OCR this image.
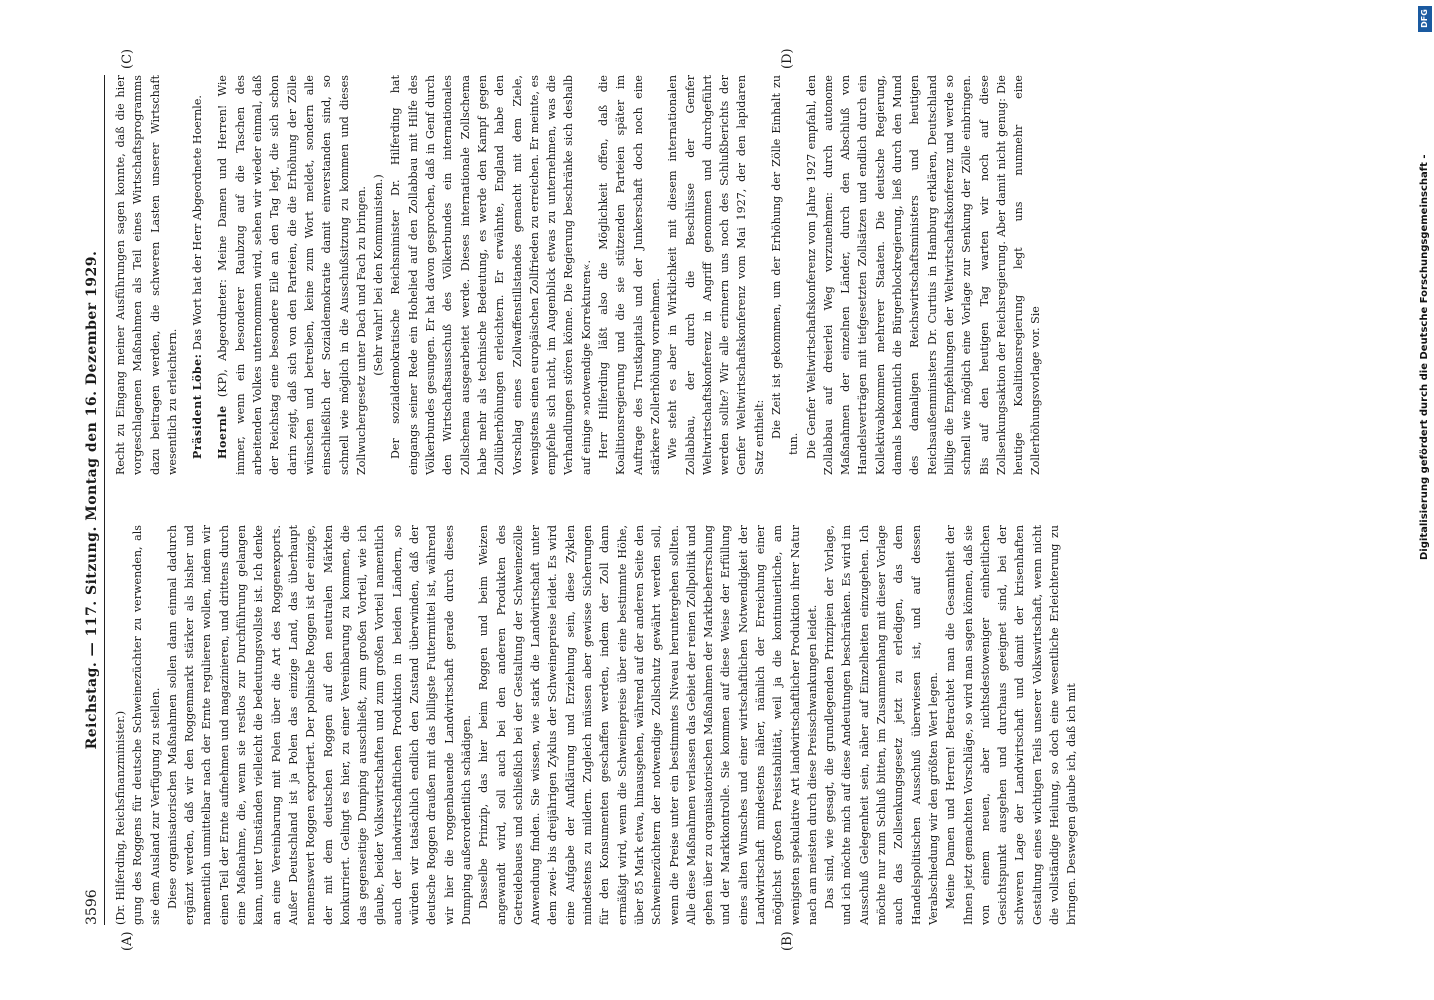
3596
Reichstag. — 117. Sitzung. Montag den 16. Dezember 1929.
(A)	(B)
(C)	(D)

(Dr. Hilferding, Reichsfinanzminister.) gung des Roggens für deutsche Schweinezüchter zu verwenden, als sie dem Ausland zur Verfügung zu stellen. Diese organisatorischen Maßnahmen sollen dann einmal dadurch ergänzt werden, daß wir den Roggenmarkt stärker als bisher und namentlich unmittelbar nach der Ernte regulieren wollen, indem wir einen Teil der Ernte aufnehmen und magazinieren, und drittens durch eine Maßnahme, die, wenn sie restlos zur Durchführung gelangen kann, unter Umständen vielleicht die bedeutungsvollste ist. Ich denke an eine Vereinbarung mit Polen über die Art des Roggenexports. Außer Deutschland ist ja Polen das einzige Land, das überhaupt nennenswert Roggen exportiert. Der polnische Roggen ist der einzige, der mit dem deutschen Roggen auf den neutralen Märkten konkurriert. Gelingt es hier, zu einer Vereinbarung zu kommen, die das gegenseitige Dumping ausschließt, zum großen Vorteil, wie ich glaube, beider Volkswirtschaften und zum großen Vorteil namentlich auch der landwirtschaftlichen Produktion in beiden Ländern, so würden wir tatsächlich endlich den Zustand überwinden, daß der deutsche Roggen draußen mit das billigste Futtermittel ist, während wir hier die roggenbauende Landwirtschaft gerade durch dieses Dumping außerordentlich schädigen. Dasselbe Prinzip, das hier beim Roggen und beim Weizen angewandt wird, soll auch bei den anderen Produkten des Getreidebaues und schließlich bei der Gestaltung der Schweinezölle Anwendung finden. Sie wissen, wie stark die Landwirtschaft unter dem zwei- bis dreijährigen Zyklus der Schweinepreise leidet. Es wird eine Aufgabe der Aufklärung und Erziehung sein, diese Zyklen mindestens zu mildern. Zugleich müssen aber gewisse Sicherungen für den Konsumenten geschaffen werden, indem der Zoll dann ermäßigt wird, wenn die Schweinepreise über eine bestimmte Höhe, über 85 Mark etwa, hinausgehen, während auf der anderen Seite den Schweinezüchtern der notwendige Zollschutz gewährt werden soll, wenn die Preise unter ein bestimmtes Niveau heruntergehen sollten. Alle diese Maßnahmen verlassen das Gebiet der reinen Zollpolitik und gehen über zu organisatorischen Maßnahmen der Marktbeherrschung und der Marktkontrolle. Sie kommen auf diese Weise der Erfüllung eines alten Wunsches und einer wirtschaftlichen Notwendigkeit der Landwirtschaft mindestens näher, nämlich der Erreichung einer möglichst großen Preisstabilität, weil ja die kontinuierliche, am wenigsten spekulative Art landwirtschaftlicher Produktion ihrer Natur nach am meisten durch diese Preisschwankungen leidet. Das sind, wie gesagt, die grundlegenden Prinzipien der Vorlage, und ich möchte mich auf diese Andeutungen beschränken. Es wird im Ausschuß Gelegenheit sein, näher auf Einzelheiten einzugehen. Ich möchte nur zum Schluß bitten, im Zusammenhang mit dieser Vorlage auch das Zollsenkungsgesetz jetzt zu erledigen, das dem Handelspolitischen Ausschuß überwiesen ist, und auf dessen Verabschiedung wir den größten Wert legen. Meine Damen und Herren! Betrachtet man die Gesamtheit der Ihnen jetzt gemachten Vorschläge, so wird man sagen können, daß sie von einem neuen, aber nichtsdestoweniger einheitlichen Gesichtspunkt ausgehen und durchaus geeignet sind, bei der schweren Lage der Landwirtschaft und damit der krisenhaften Gestaltung eines wichtigen Teils unserer Volkswirtschaft, wenn nicht die vollständige Heilung, so doch eine wesentliche Erleichterung zu bringen. Deswegen glaube ich, daß ich mit

Recht zu Eingang meiner Ausführungen sagen konnte, daß die hier vorgeschlagenen Maßnahmen als Teil eines Wirtschaftsprogramms dazu beitragen werden, die schweren Lasten unserer Wirtschaft wesentlich zu erleichtern. Präsident Löbe: Das Wort hat der Herr Abgeordnete Hoernle.

Hoernle (KP), Abgeordneter: Meine Damen und Herren! Wie immer, wenn ein besonderer Raubzug auf die Taschen des arbeitenden Volkes unternommen wird, sehen wir wieder einmal, daß der Reichstag eine besondere Eile an den Tag legt, die sich schon darin zeigt, daß sich von den Parteien, die die Erhöhung der Zölle wünschen und betreiben, keine zum Wort meldet, sondern alle einschließlich der Sozialdemokratie damit einverstanden sind, so schnell wie möglich in die Ausschußsitzung zu kommen und dieses Zollwuchergesetz unter Dach und Fach zu bringen. (Sehr wahr! bei den Kommunisten.) Der sozialdemokratische Reichsminister Dr. Hilferding hat eingangs seiner Rede ein Hohelied auf den Zollabbau mit Hilfe des Völkerbundes gesungen. Er hat davon gesprochen, daß in Genf durch den Wirtschaftsausschuß des Völkerbundes ein internationales Zollschema ausgearbeitet werde. Dieses internationale Zollschema habe mehr als technische Bedeutung, es werde den Kampf gegen Zollüberhöhungen erleichtern. Er erwähnte, England habe den Vorschlag eines Zollwaffenstillstandes gemacht mit dem Ziele, wenigstens einen europäischen Zollfrieden zu erreichen. Er meinte, es empfehle sich nicht, im Augenblick etwas zu unternehmen, was die Verhandlungen stören könne. Die Regierung beschränke sich deshalb auf einige »notwendige Korrekturen«. Herr Hilferding läßt also die Möglichkeit offen, daß die Koalitionsregierung und die sie stützenden Parteien später im Auftrage des Trustkapitals und der Junkerschaft doch noch eine stärkere Zollerhöhung vornehmen. Wie steht es aber in Wirklichkeit mit diesem internationalen Zollabbau, der durch die Beschlüsse der Genfer Weltwirtschaftskonferenz in Angriff genommen und durchgeführt werden sollte? Wir alle erinnern uns noch des Schlußberichts der Genfer Weltwirtschaftskonferenz vom Mai 1927, der den lapidaren Satz enthielt: Die Zeit ist gekommen, um der Erhöhung der Zölle Einhalt zu tun. Die Genfer Weltwirtschaftskonferenz vom Jahre 1927 empfahl, den Zollabbau auf dreierlei Weg vorzunehmen: durch autonome Maßnahmen der einzelnen Länder, durch den Abschluß von Handelsverträgen mit tiefgesetzten Zollsätzen und endlich durch ein Kollektivabkommen mehrerer Staaten. Die deutsche Regierung, damals bekanntlich die Bürgerblockregierung, ließ durch den Mund des damaligen Reichswirtschaftsministers und heutigen Reichsaußenministers Dr. Curtius in Hamburg erklären, Deutschland billige die Empfehlungen der Weltwirtschaftskonferenz und werde so schnell wie möglich eine Vorlage zur Senkung der Zölle einbringen. Bis auf den heutigen Tag warten wir noch auf diese Zollsenkungsaktion der Reichsregierung. Aber damit nicht genug: Die heutige Koalitionsregierung legt uns nunmehr eine Zollerhöhungsvorlage vor. Sie

DFG
Digitalisierung gefördert durch die Deutsche Forschungsgemeinschaft -
